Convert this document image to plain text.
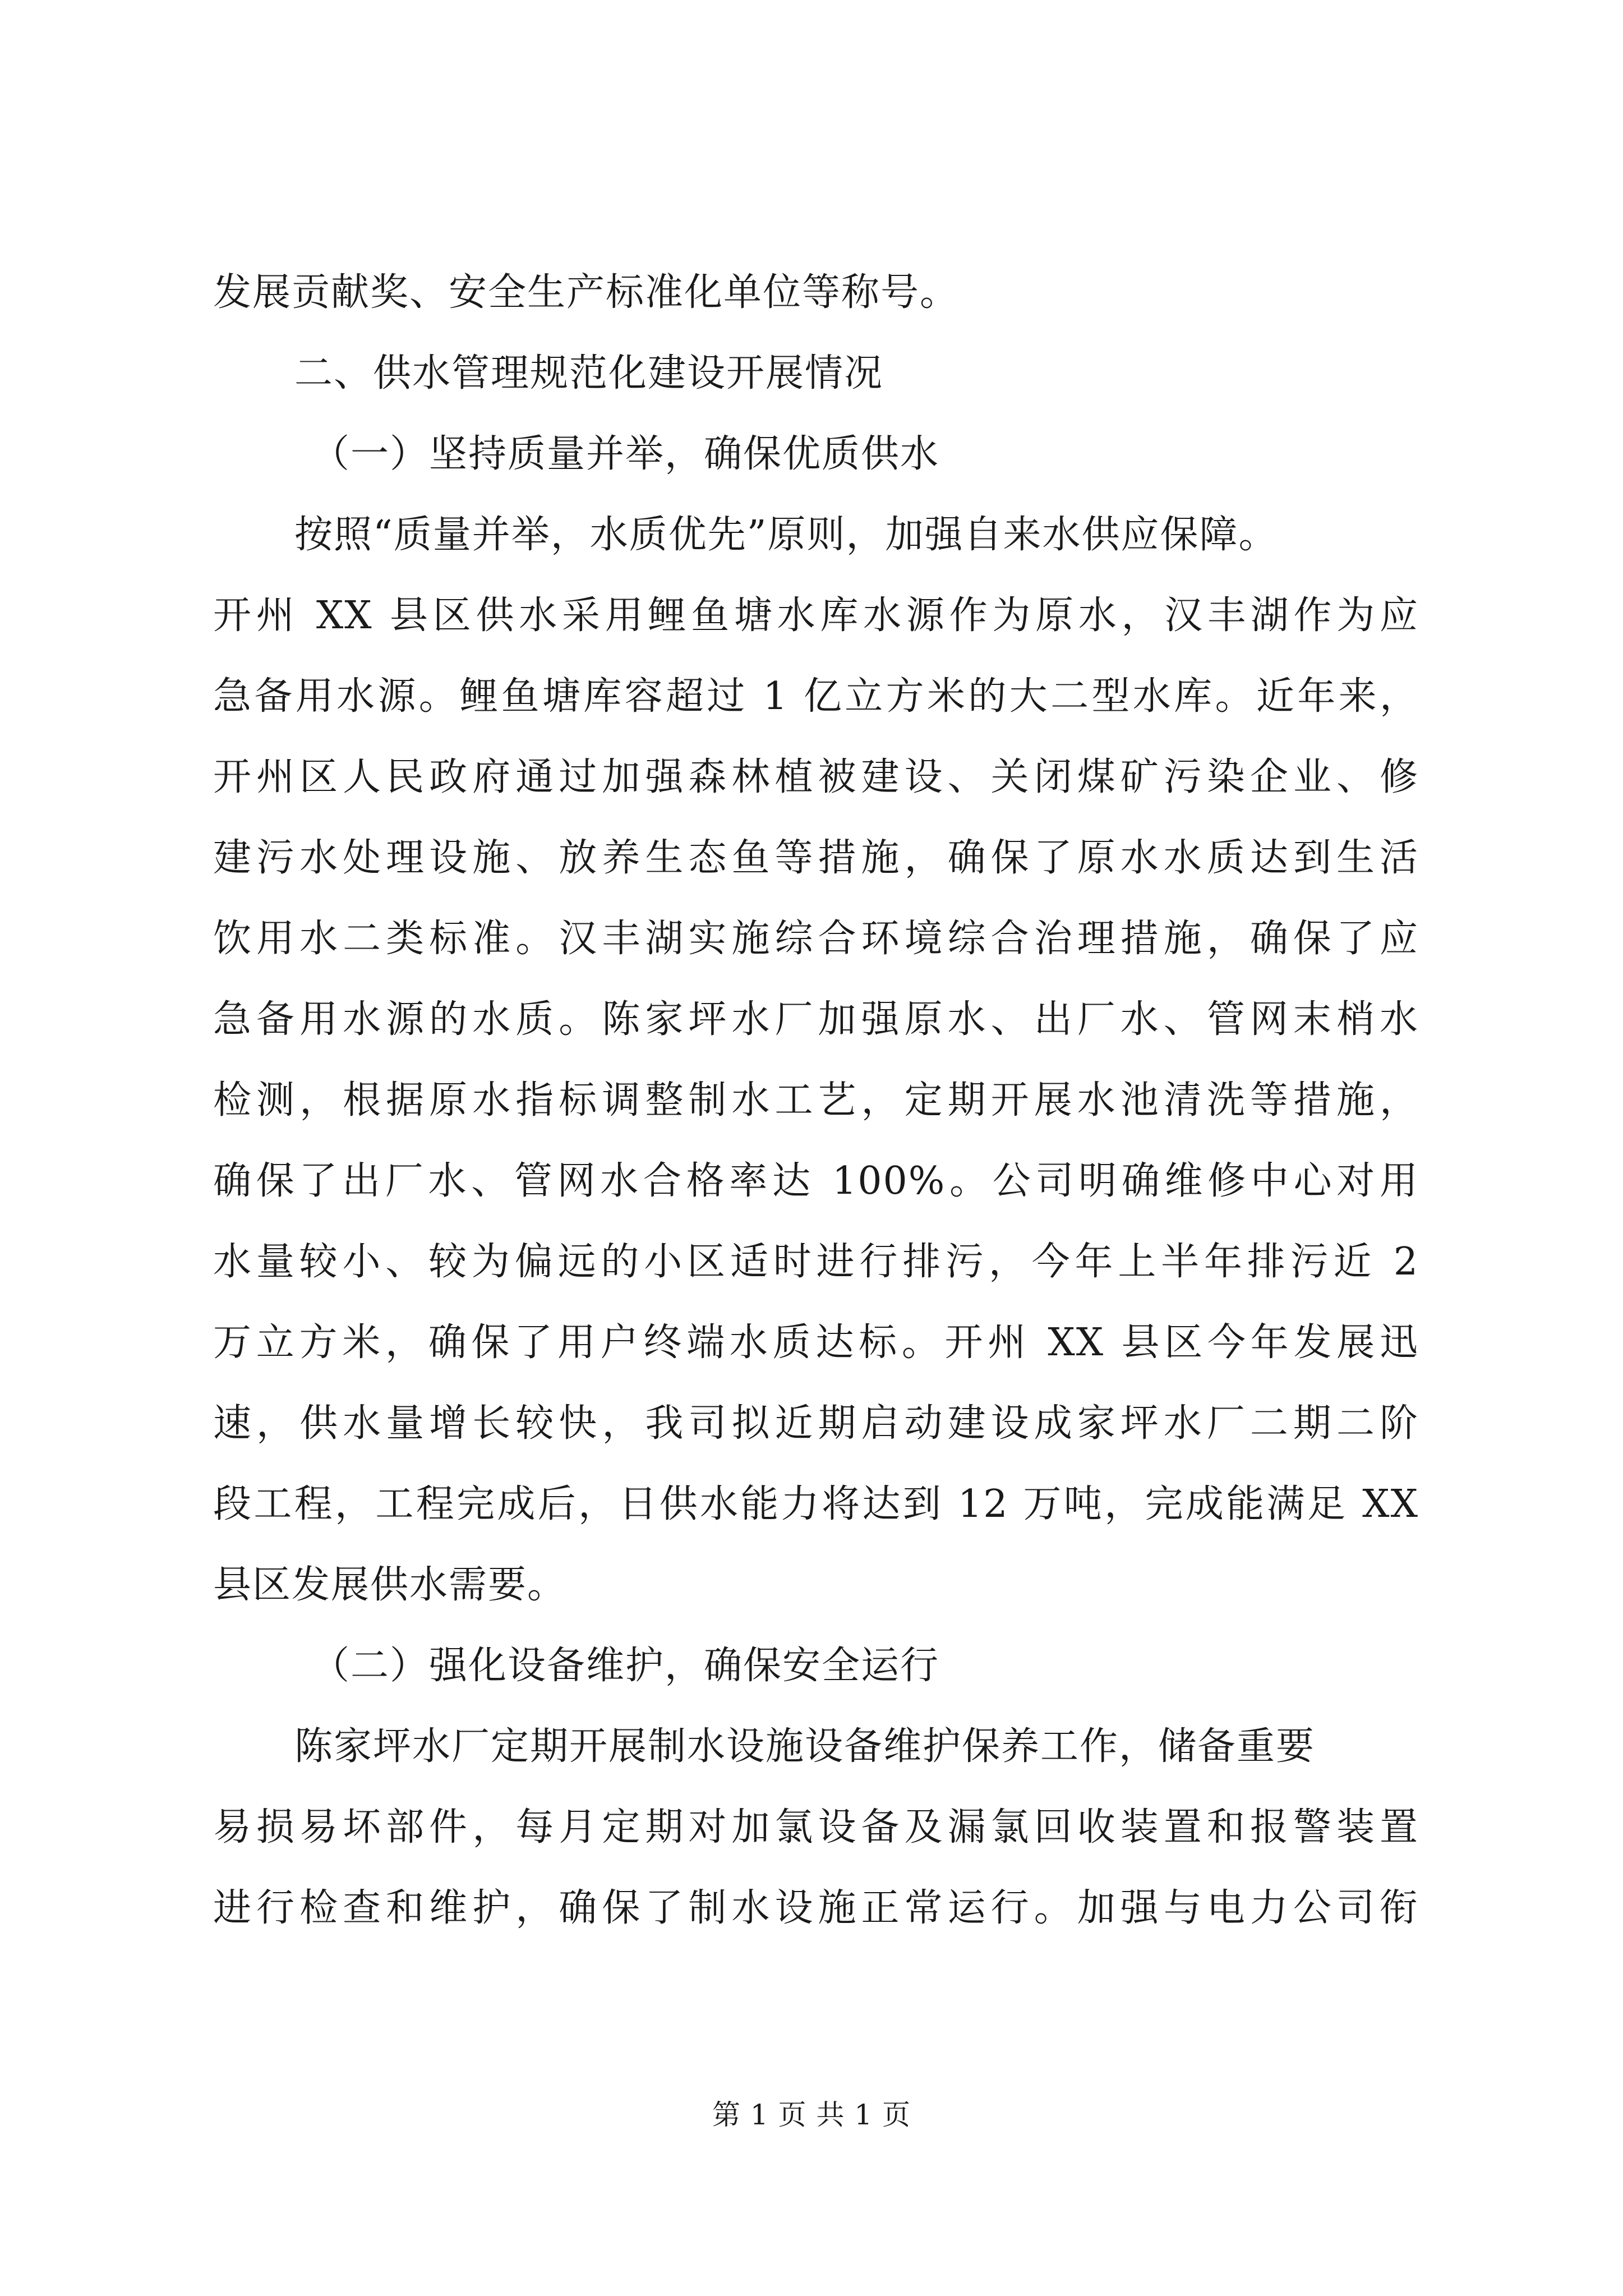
发展贡献奖、安全生产标准化单位等称号。
二、供水管理规范化建设开展情况
（一）坚持质量并举，确保优质供水
按照“质量并举，水质优先”原则，加强自来水供应保障。
开州 XX 县区供水采用鲤鱼塘水库水源作为原水，汉丰湖作为应
急备用水源。鲤鱼塘库容超过 1 亿立方米的大二型水库。近年来，
开州区人民政府通过加强森林植被建设、关闭煤矿污染企业、修
建污水处理设施、放养生态鱼等措施，确保了原水水质达到生活
饮用水二类标准。汉丰湖实施综合环境综合治理措施，确保了应
急备用水源的水质。陈家坪水厂加强原水、出厂水、管网末梢水
检测，根据原水指标调整制水工艺，定期开展水池清洗等措施，
确保了出厂水、管网水合格率达 100%。公司明确维修中心对用
水量较小、较为偏远的小区适时进行排污，今年上半年排污近 2
万立方米，确保了用户终端水质达标。开州 XX 县区今年发展迅
速，供水量增长较快，我司拟近期启动建设成家坪水厂二期二阶
段工程，工程完成后，日供水能力将达到 12 万吨，完成能满足 XX
县区发展供水需要。
（二）强化设备维护，确保安全运行
陈家坪水厂定期开展制水设施设备维护保养工作，储备重要
易损易坏部件，每月定期对加氯设备及漏氯回收装置和报警装置
进行检查和维护，确保了制水设施正常运行。加强与电力公司衔
第 1 页 共 1 页
